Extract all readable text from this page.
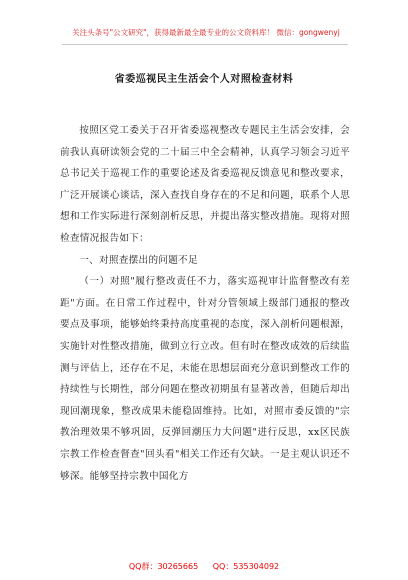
关注头条号"公文研究"，获得最新最全最专业的公文资料库！ 微信：gongwenyj
省委巡视民主生活会个人对照检查材料

按照区党工委关于召开省委巡视整改专题民主生活会安排，会前我认真研读领会党的二十届三中全会精神，认真学习领会习近平总书记关于巡视工作的重要论述及省委巡视反馈意见和整改要求，广泛开展谈心谈话，深入查找自身存在的不足和问题，联系个人思想和工作实际进行深刻剖析反思，并提出落实整改措施。现将对照检查情况报告如下：

一、对照查摆出的问题不足

（一）对照"履行整改责任不力，落实巡视审计监督整改有差距"方面。在日常工作过程中，针对分管领域上级部门通报的整改要点及事项，能够始终秉持高度重视的态度，深入剖析问题根源，实施针对性整改措施，做到立行立改。但有时在整改成效的后续监测与评估上，还存在不足，未能在思想层面充分意识到整改工作的持续性与长期性，部分问题在整改初期虽有显著改善，但随后却出现回潮现象，整改成果未能稳固维持。比如，对照市委反馈的"宗教治理效果不够巩固，反弹回潮压力大问题"进行反思，xx区民族宗教工作检查督查"回头看"相关工作还有欠缺。一是主观认识还不够深。能够坚持宗教中国化方

QQ群：30265665 QQ：535304092
